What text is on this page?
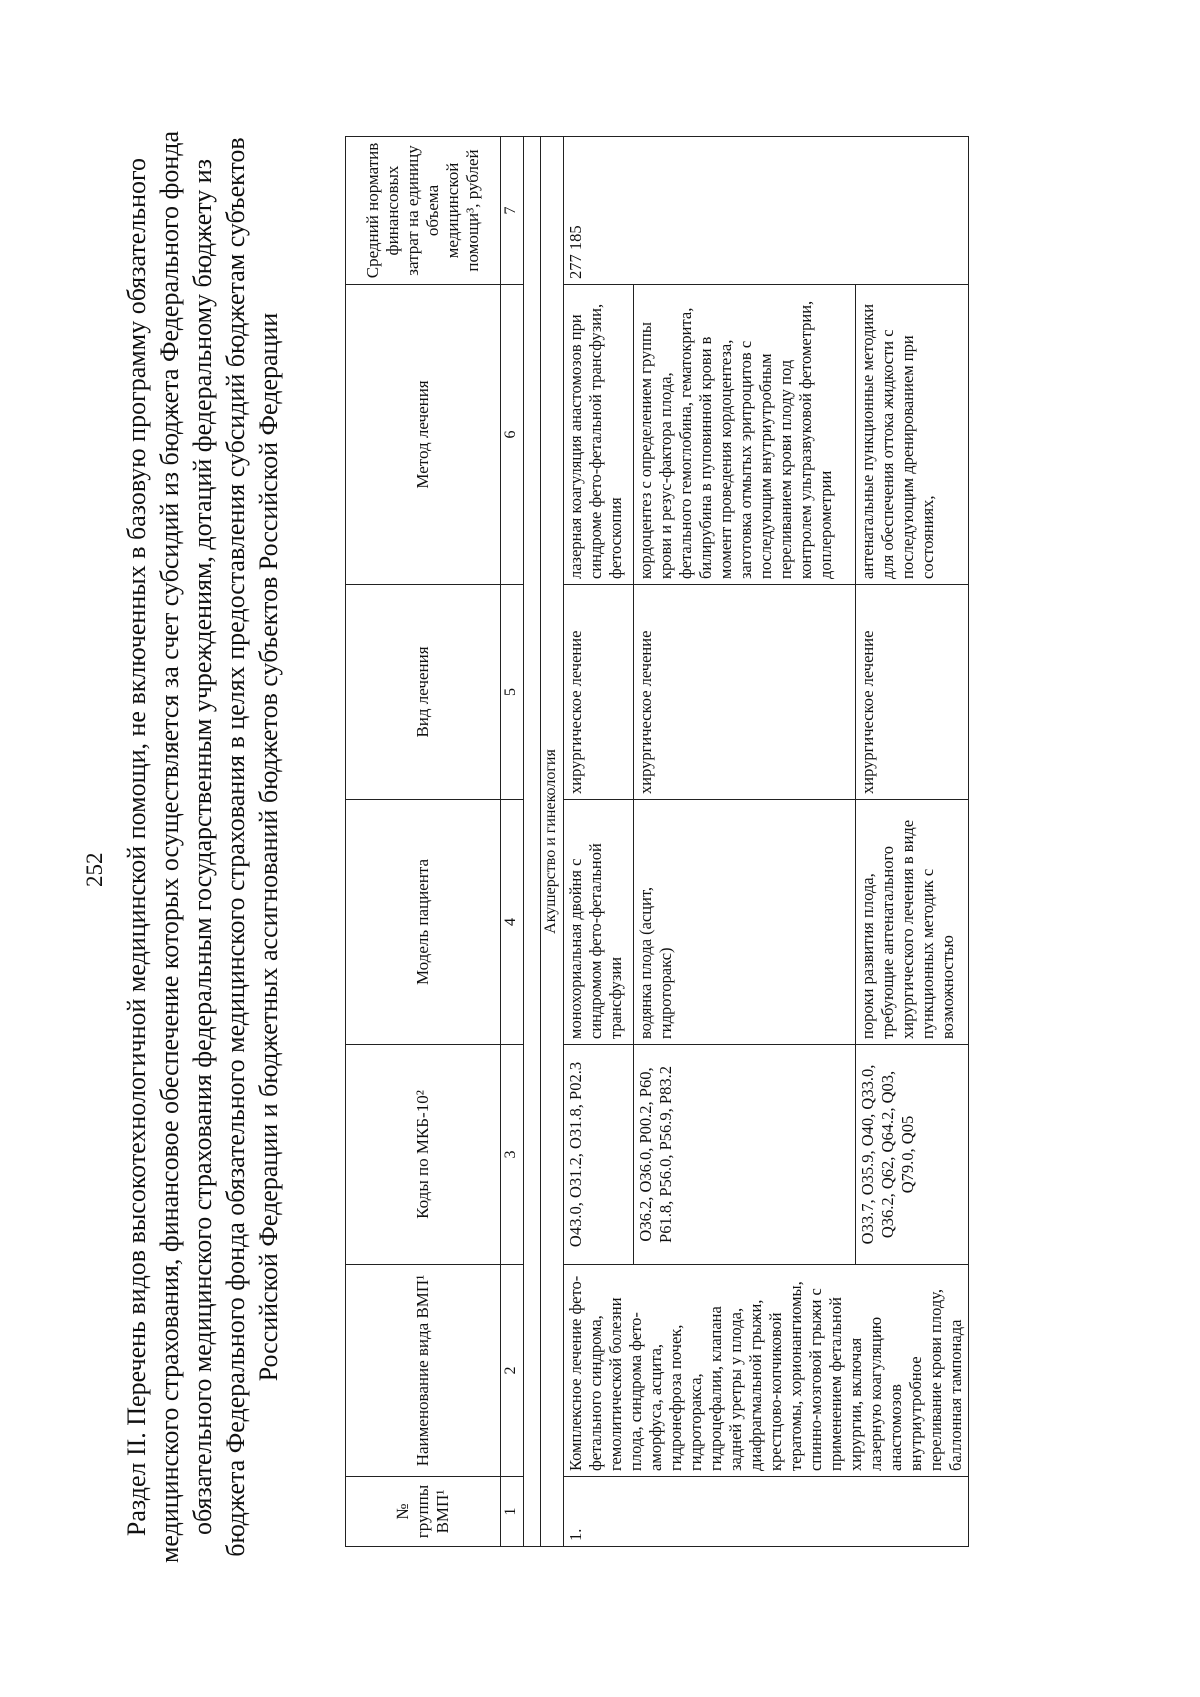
252 Раздел II. Перечень видов высокотехнологичной медицинской помощи, не включенных в базовую программу обязательного медицинского страхования, финансовое обеспечение которых осуществляется за счет субсидий из бюджета Федерального фонда обязательного медицинского страхования федеральным государственным учреждениям, дотаций федеральному бюджету из бюджета Федерального фонда обязательного медицинского страхования в целях предоставления субсидий бюджетам субъектов Российской Федерации и бюджетных ассигнований бюджетов субъектов Российской Федерации
№ группы ВМП¹	Наименование вида ВМП¹	Коды по МКБ-10²	Модель пациента	Вид лечения	Метод лечения	Средний норматив финансовых затрат на единицу объема медицинской помощи³, рублей
1	2	3	4	5	6	7

Акушерство и гинекология						
1.	Комплексное лечение фето-фетального синдрома, гемолитической болезни плода, синдрома фето-аморфуса, асцита, гидронефроза почек, гидроторакса, гидроцефалии, клапана задней уретры у плода, диафрагмальной грыжи, крестцово-копчиковой тератомы, хорионангиомы, спинно-мозговой грыжи с применением фетальной хирургии, включая лазерную коагуляцию анастомозов внутриутробное переливание крови плоду, баллонная тампонада	O43.0, O31.2, O31.8, P02.3	монохориальная двойня с синдромом фето-фетальной трансфузии	хирургическое лечение	лазерная коагуляция анастомозов при синдроме фето-фетальной трансфузии, фетоскопия	277 185
		O36.2, O36.0, P00.2, P60, P61.8, P56.0, P56.9, P83.2	водянка плода (асцит, гидроторакс)	хирургическое лечение	кордоцентез с определением группы крови и резус-фактора плода, фетального гемоглобина, гематокрита, билирубина в пуповинной крови в момент проведения кордоцентеза, заготовка отмытых эритроцитов с последующим внутриутробным переливанием крови плоду под контролем ультразвуковой фетометрии, доплерометрии	
		O33.7, O35.9, O40, Q33.0, Q36.2, Q62, Q64.2, Q03, Q79.0, Q05	пороки развития плода, требующие антенатального хирургического лечения в виде пункционных методик с возможностью	хирургическое лечение	антенатальные пункционные методики для обеспечения оттока жидкости с последующим дренированием при состояниях,	
